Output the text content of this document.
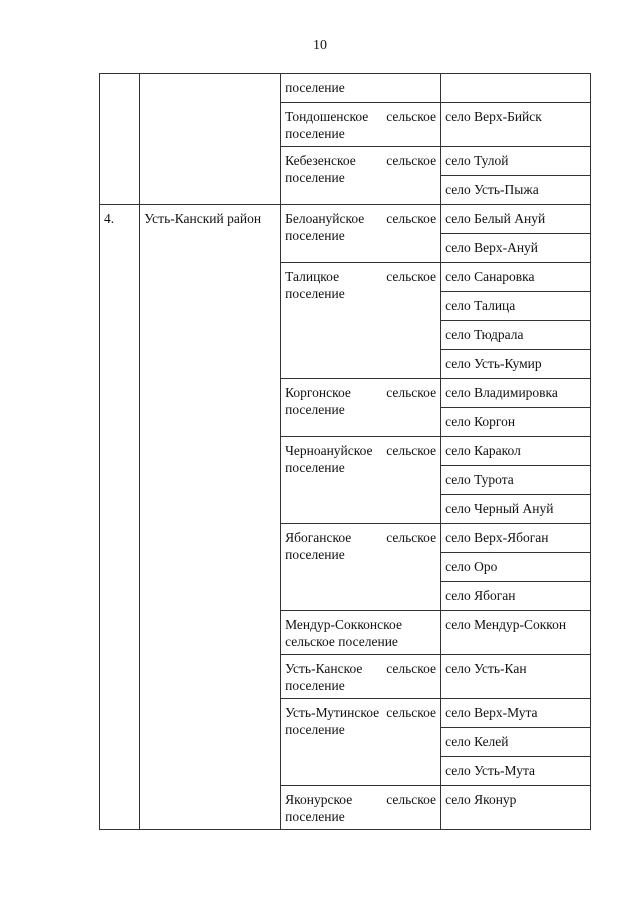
10
		поселение	
		Тондошенское сельское поселение	село Верх-Бийск
		Кебезенское сельское поселение	село Тулой
			село Усть-Пыжа
4.	Усть-Канский район	Белоануйское сельское поселение	село Белый Ануй
			село Верх-Ануй
		Талицкое сельское поселение	село Санаровка
			село Талица
			село Тюдрала
			село Усть-Кумир
		Коргонское сельское поселение	село Владимировка
			село Коргон
		Черноануйское сельское поселение	село Каракол
			село Турота
			село Черный Ануй
		Ябоганское сельское поселение	село Верх-Ябоган
			село Оро
			село Ябоган
		Мендур-Сокконское сельское поселение	село Мендур-Соккон
		Усть-Канское сельское поселение	село Усть-Кан
		Усть-Мутинское сельское поселение	село Верх-Мута
			село Келей
			село Усть-Мута
		Яконурское сельское поселение	село Яконур
